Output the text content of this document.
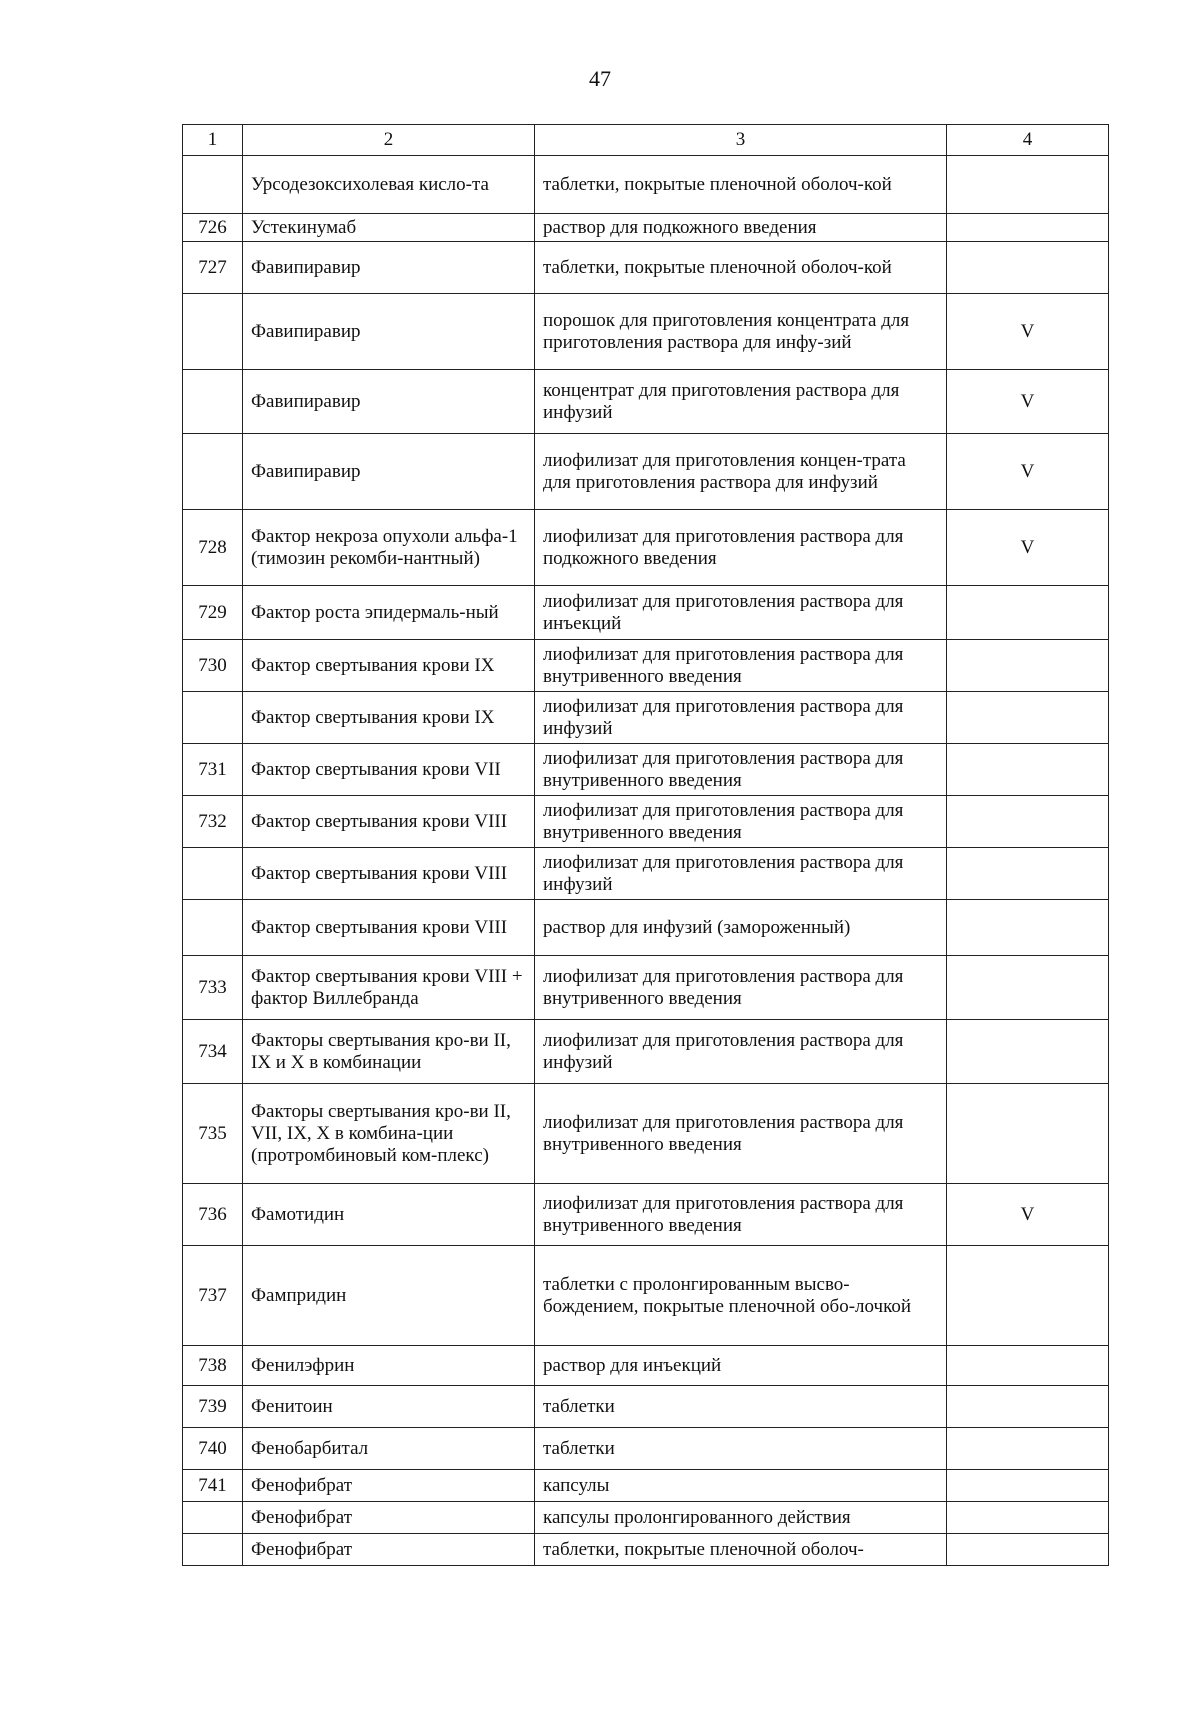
47
1	2	3	4
	Урсодезоксихолевая кисло-та	таблетки, покрытые пленочной оболоч-кой	
726	Устекинумаб	раствор для подкожного введения	
727	Фавипиравир	таблетки, покрытые пленочной оболоч-кой	
	Фавипиравир	порошок для приготовления концентрата для приготовления раствора для инфу-зий	V
	Фавипиравир	концентрат для приготовления раствора для инфузий	V
	Фавипиравир	лиофилизат для приготовления концен-трата для приготовления раствора для инфузий	V
728	Фактор некроза опухоли альфа-1 (тимозин рекомби-нантный)	лиофилизат для приготовления раствора для подкожного введения	V
729	Фактор роста эпидермаль-ный	лиофилизат для приготовления раствора для инъекций	
730	Фактор свертывания крови IX	лиофилизат для приготовления раствора для внутривенного введения	
	Фактор свертывания крови IX	лиофилизат для приготовления раствора для инфузий	
731	Фактор свертывания крови VII	лиофилизат для приготовления раствора для внутривенного введения	
732	Фактор свертывания крови VIII	лиофилизат для приготовления раствора для внутривенного введения	
	Фактор свертывания крови VIII	лиофилизат для приготовления раствора для инфузий	
	Фактор свертывания крови VIII	раствор для инфузий (замороженный)	
733	Фактор свертывания крови VIII + фактор Виллебранда	лиофилизат для приготовления раствора для внутривенного введения	
734	Факторы свертывания кро-ви II, IX и X в комбинации	лиофилизат для приготовления раствора для инфузий	
735	Факторы свертывания кро-ви II, VII, IX, X в комбина-ции (протромбиновый ком-плекс)	лиофилизат для приготовления раствора для внутривенного введения	
736	Фамотидин	лиофилизат для приготовления раствора для внутривенного введения	V
737	Фампридин	таблетки с пролонгированным высво-бождением, покрытые пленочной обо-лочкой	
738	Фенилэфрин	раствор для инъекций	
739	Фенитоин	таблетки	
740	Фенобарбитал	таблетки	
741	Фенофибрат	капсулы	
	Фенофибрат	капсулы пролонгированного действия	
	Фенофибрат	таблетки, покрытые пленочной оболоч-	
